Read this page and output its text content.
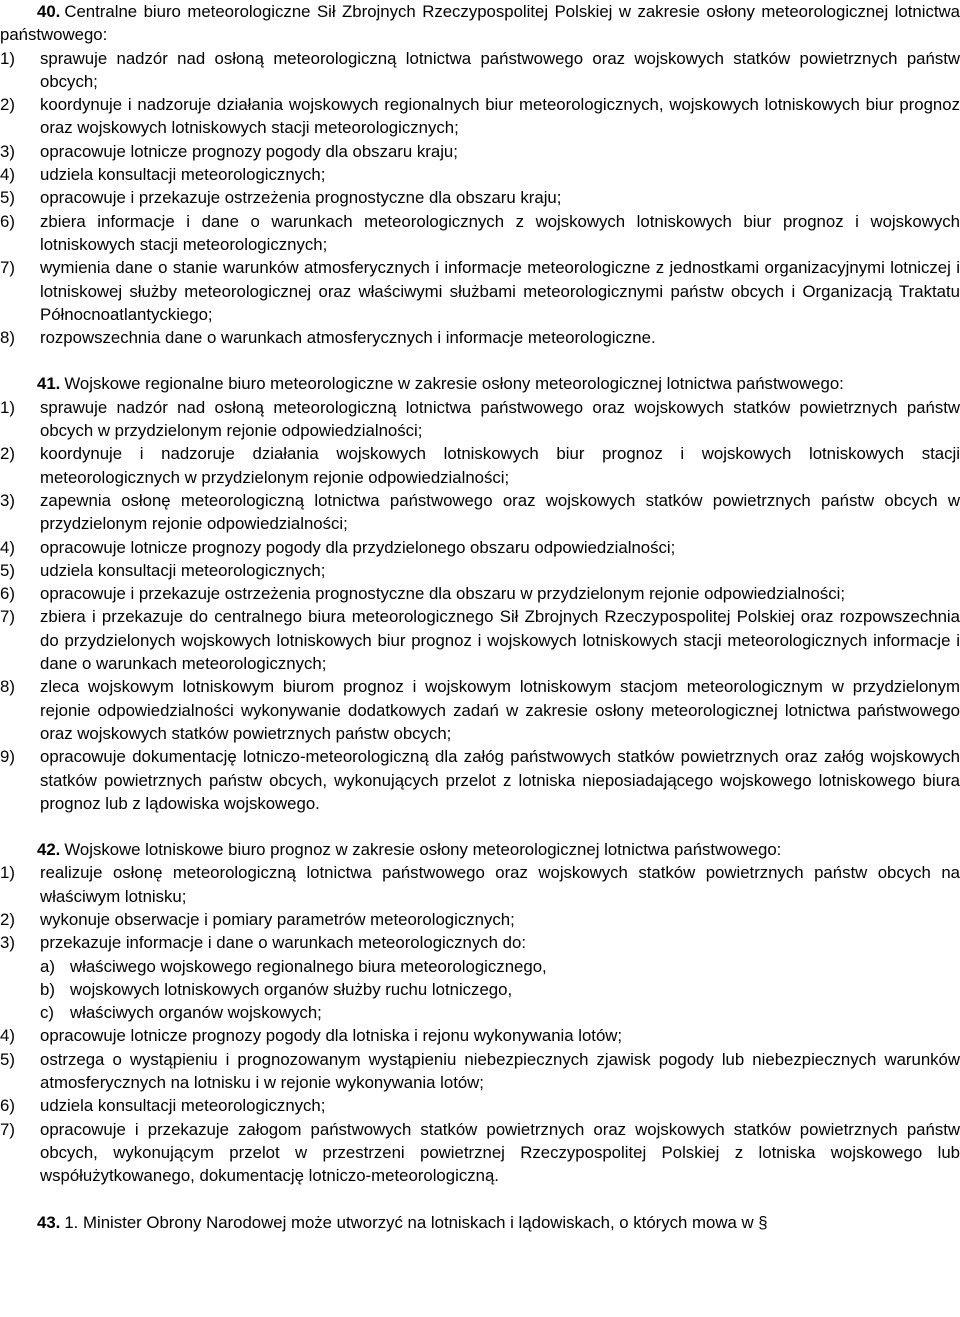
40. Centralne biuro meteorologiczne Sił Zbrojnych Rzeczypospolitej Polskiej w zakresie osłony meteorologicznej lotnictwa państwowego:

1) sprawuje nadzór nad osłoną meteorologiczną lotnictwa państwowego oraz wojskowych statków powietrznych państw obcych;
2) koordynuje i nadzoruje działania wojskowych regionalnych biur meteorologicznych, wojskowych lotniskowych biur prognoz oraz wojskowych lotniskowych stacji meteorologicznych;
3) opracowuje lotnicze prognozy pogody dla obszaru kraju;
4) udziela konsultacji meteorologicznych;
5) opracowuje i przekazuje ostrzeżenia prognostyczne dla obszaru kraju;
6) zbiera informacje i dane o warunkach meteorologicznych z wojskowych lotniskowych biur prognoz i wojskowych lotniskowych stacji meteorologicznych;
7) wymienia dane o stanie warunków atmosferycznych i informacje meteorologiczne z jednostkami organizacyjnymi lotniczej i lotniskowej służby meteorologicznej oraz właściwymi służbami meteorologicznymi państw obcych i Organizacją Traktatu Północnoatlantyckiego;
8) rozpowszechnia dane o warunkach atmosferycznych i informacje meteorologiczne.

41. Wojskowe regionalne biuro meteorologiczne w zakresie osłony meteorologicznej lotnictwa państwowego:

1) sprawuje nadzór nad osłoną meteorologiczną lotnictwa państwowego oraz wojskowych statków powietrznych państw obcych w przydzielonym rejonie odpowiedzialności;
2) koordynuje i nadzoruje działania wojskowych lotniskowych biur prognoz i wojskowych lotniskowych stacji meteorologicznych w przydzielonym rejonie odpowiedzialności;
3) zapewnia osłonę meteorologiczną lotnictwa państwowego oraz wojskowych statków powietrznych państw obcych w przydzielonym rejonie odpowiedzialności;
4) opracowuje lotnicze prognozy pogody dla przydzielonego obszaru odpowiedzialności;
5) udziela konsultacji meteorologicznych;
6) opracowuje i przekazuje ostrzeżenia prognostyczne dla obszaru w przydzielonym rejonie odpowiedzialności;
7) zbiera i przekazuje do centralnego biura meteorologicznego Sił Zbrojnych Rzeczypospolitej Polskiej oraz rozpowszechnia do przydzielonych wojskowych lotniskowych biur prognoz i wojskowych lotniskowych stacji meteorologicznych informacje i dane o warunkach meteorologicznych;
8) zleca wojskowym lotniskowym biurom prognoz i wojskowym lotniskowym stacjom meteorologicznym w przydzielonym rejonie odpowiedzialności wykonywanie dodatkowych zadań w zakresie osłony meteorologicznej lotnictwa państwowego oraz wojskowych statków powietrznych państw obcych;
9) opracowuje dokumentację lotniczo-meteorologiczną dla załóg państwowych statków powietrznych oraz załóg wojskowych statków powietrznych państw obcych, wykonujących przelot z lotniska nieposiadającego wojskowego lotniskowego biura prognoz lub z lądowiska wojskowego.

42. Wojskowe lotniskowe biuro prognoz w zakresie osłony meteorologicznej lotnictwa państwowego:

1) realizuje osłonę meteorologiczną lotnictwa państwowego oraz wojskowych statków powietrznych państw obcych na właściwym lotnisku;
2) wykonuje obserwacje i pomiary parametrów meteorologicznych;
3) przekazuje informacje i dane o warunkach meteorologicznych do:
a) właściwego wojskowego regionalnego biura meteorologicznego,
b) wojskowych lotniskowych organów służby ruchu lotniczego,
c) właściwych organów wojskowych;
4) opracowuje lotnicze prognozy pogody dla lotniska i rejonu wykonywania lotów;
5) ostrzega o wystąpieniu i prognozowanym wystąpieniu niebezpiecznych zjawisk pogody lub niebezpiecznych warunków atmosferycznych na lotnisku i w rejonie wykonywania lotów;
6) udziela konsultacji meteorologicznych;
7) opracowuje i przekazuje załogom państwowych statków powietrznych oraz wojskowych statków powietrznych państw obcych, wykonującym przelot w przestrzeni powietrznej Rzeczypospolitej Polskiej z lotniska wojskowego lub współużytkowanego, dokumentację lotniczo-meteorologiczną.

43. 1. Minister Obrony Narodowej może utworzyć na lotniskach i lądowiskach, o których mowa w §
